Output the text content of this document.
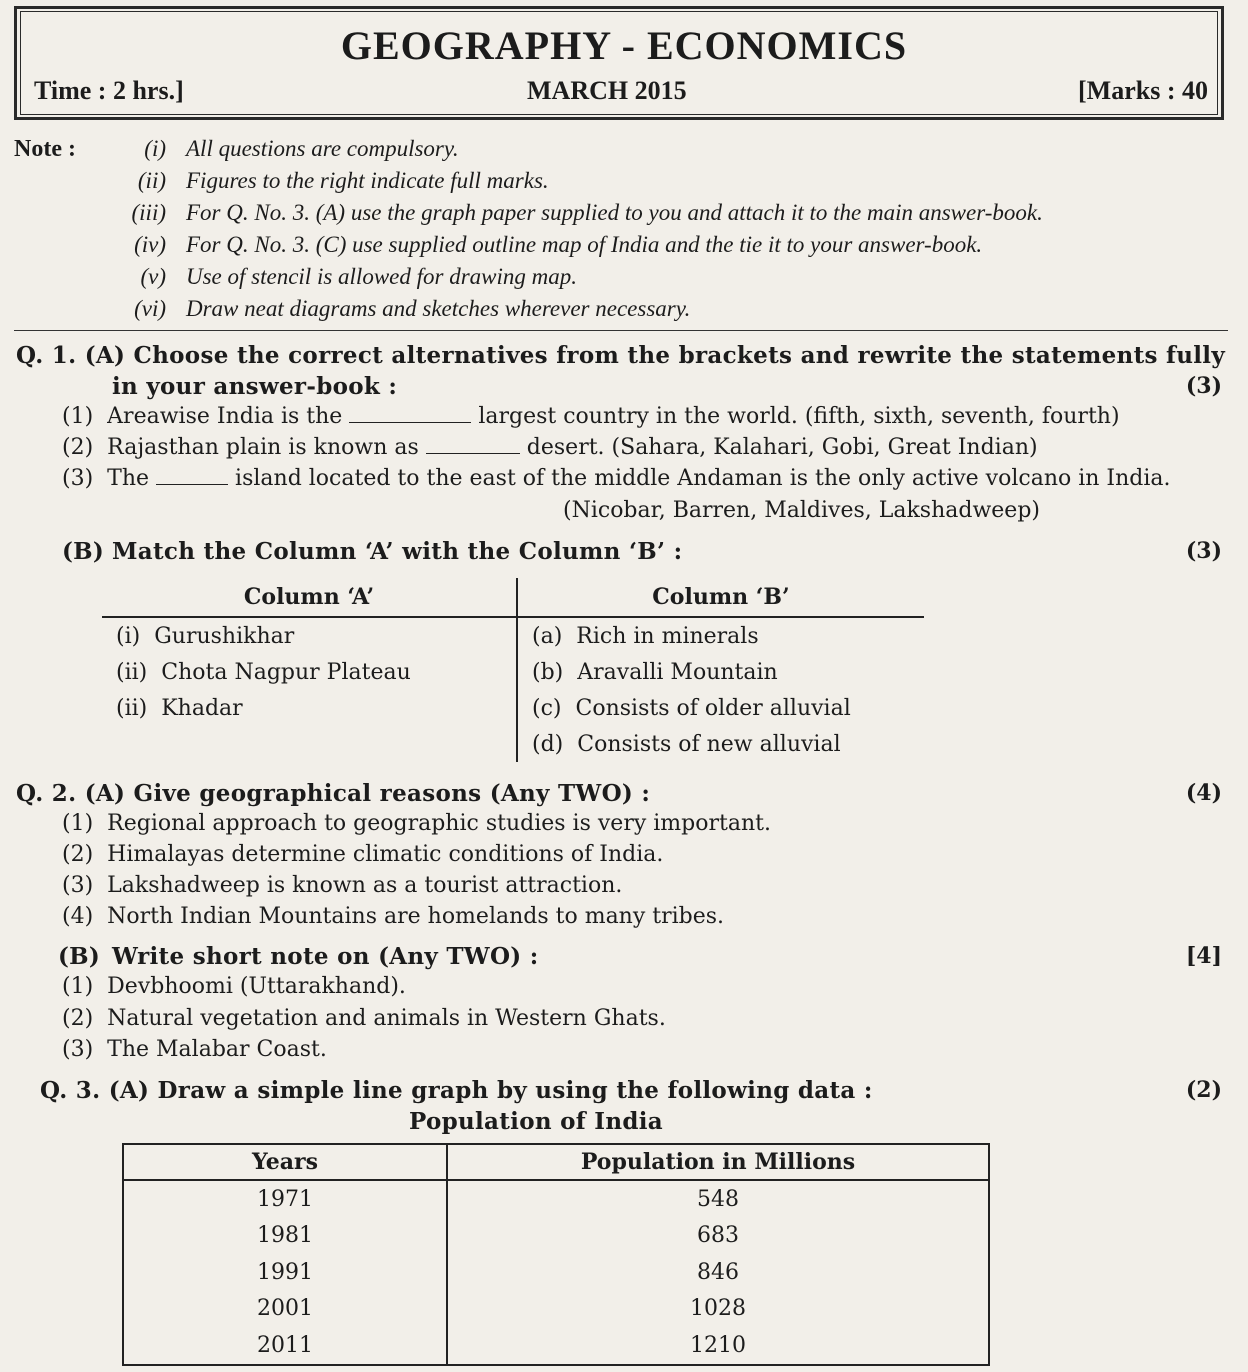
GEOGRAPHY - ECONOMICS
Time : 2 hrs.]	MARCH 2015	[Marks : 40
Note :	(i) All questions are compulsory.
(ii) Figures to the right indicate full marks.
(iii) For Q. No. 3. (A) use the graph paper supplied to you and attach it to the main answer-book.
(iv) For Q. No. 3. (C) use supplied outline map of India and the tie it to your answer-book.
(v) Use of stencil is allowed for drawing map.
(vi) Draw neat diagrams and sketches wherever necessary.
Q. 1. (A) Choose the correct alternatives from the brackets and rewrite the statements fully
in your answer-book :	(3)
(1) Areawise India is the	largest country in the world. (fifth, sixth, seventh, fourth)
(2) Rajasthan plain is known as	desert. (Sahara, Kalahari, Gobi, Great Indian)
(3) The	island located to the east of the middle Andaman is the only active volcano in India.
(Nicobar, Barren, Maldives, Lakshadweep)
(B) Match the Column ‘A’ with the Column ‘B’ :	(3)
Column ‘A’	Column ‘B’
(i) Gurushikhar	(a) Rich in minerals
(ii) Chota Nagpur Plateau	(b) Aravalli Mountain
(ii) Khadar	(c) Consists of older alluvial
	(d) Consists of new alluvial
Q. 2. (A) Give geographical reasons (Any TWO) :	(4)
(1) Regional approach to geographic studies is very important.
(2) Himalayas determine climatic conditions of India.
(3) Lakshadweep is known as a tourist attraction.
(4) North Indian Mountains are homelands to many tribes.
(B) Write short note on (Any TWO) :	[4]
(1) Devbhoomi (Uttarakhand).
(2) Natural vegetation and animals in Western Ghats.
(3) The Malabar Coast.
Q. 3. (A) Draw a simple line graph by using the following data :	(2)
Population of India
Years	Population in Millions
1971	548
1981	683
1991	846
2001	1028
2011	1210
